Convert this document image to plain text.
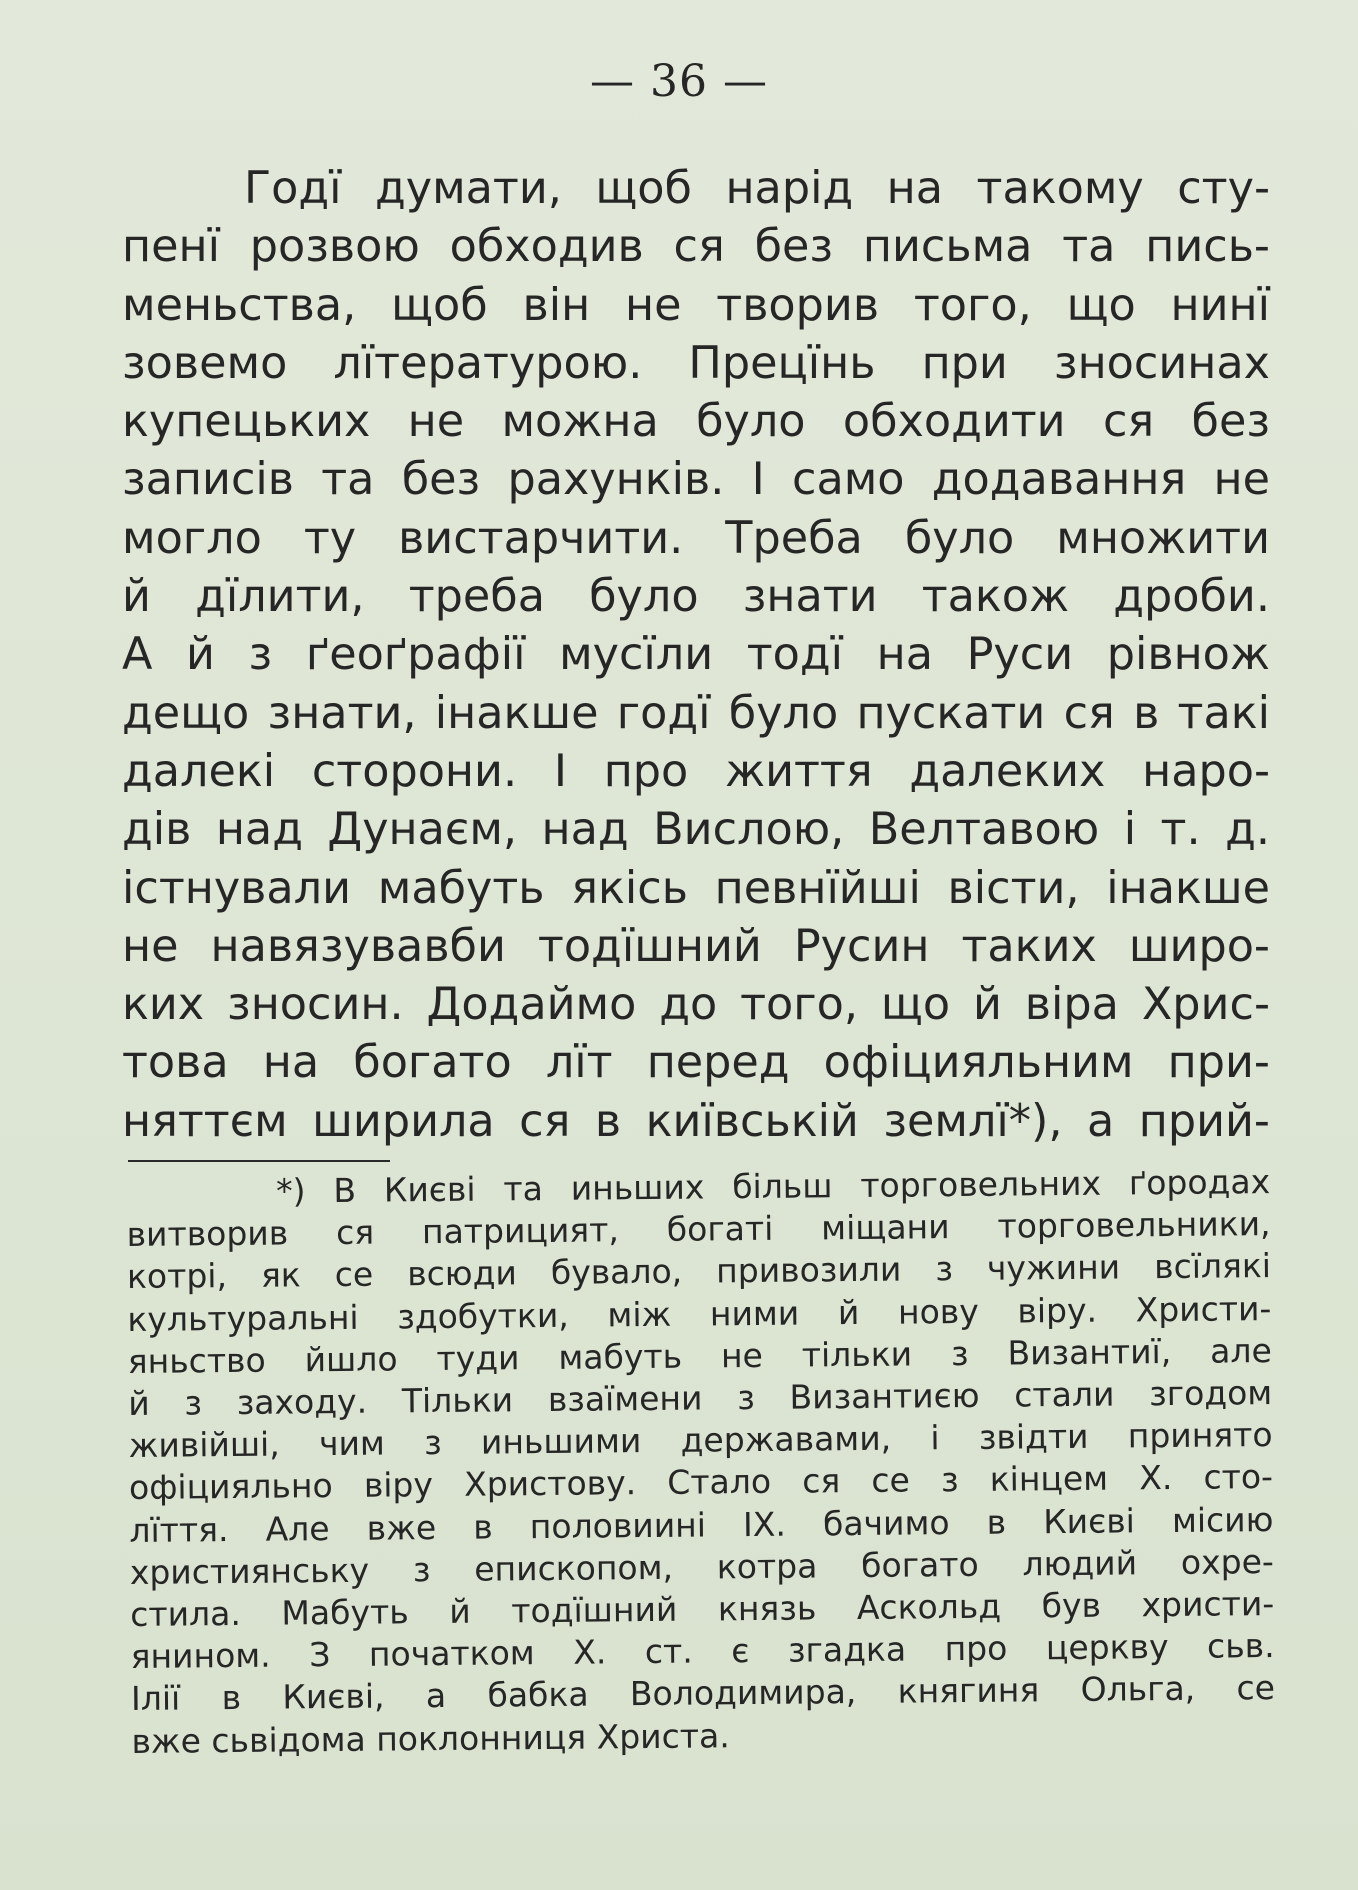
— 36 —
Годї думати, щоб нарід на такому сту-
пенї розвою обходив ся без письма та пись-
меньства, щоб він не творив того, що нинї
зовемо лїтературою. Прецїнь при зносинах
купецьких не можна було обходити ся без
записів та без рахунків. І само додавання не
могло ту вистарчити. Треба було множити
й дїлити, треба було знати також дроби.
А й з ґеоґрафії мусїли тодї на Руси рівнож
дещо знати, інакше годї було пускати ся в такі
далекі сторони. І про життя далеких наро-
дів над Дунаєм, над Вислою, Велтавою і т. д.
істнували мабуть якісь певнїйші вісти, інакше
не навязувавби тодїшний Русин таких широ-
ких зносин. Додаймо до того, що й віра Хрис-
това на богато лїт перед офіцияльним при-
няттєм ширила ся в київській землї*), а прий-
*) В Києві та иньших більш торговельних ґородах
витворив ся патрицият, богаті міщани торговельники,
котрі, як се всюди бувало, привозили з чужини всїлякі
культуральні здобутки, між ними й нову віру. Христи-
яньство йшло туди мабуть не тільки з Византиї, але
й з заходу. Тільки взаїмени з Византиєю стали згодом
живійші, чим з иньшими державами, і звідти принято
офіцияльно віру Христову. Стало ся се з кінцем Х. сто-
лїття. Але вже в половиині IX. бачимо в Києві місию
християнську з епископом, котра богато людий охре-
стила. Мабуть й тодїшний князь Аскольд був христи-
янином. З початком Х. ст. є згадка про церкву сьв.
Ілії в Києві, а бабка Володимира, княгиня Ольга, се
вже сьвідома поклонниця Христа.
